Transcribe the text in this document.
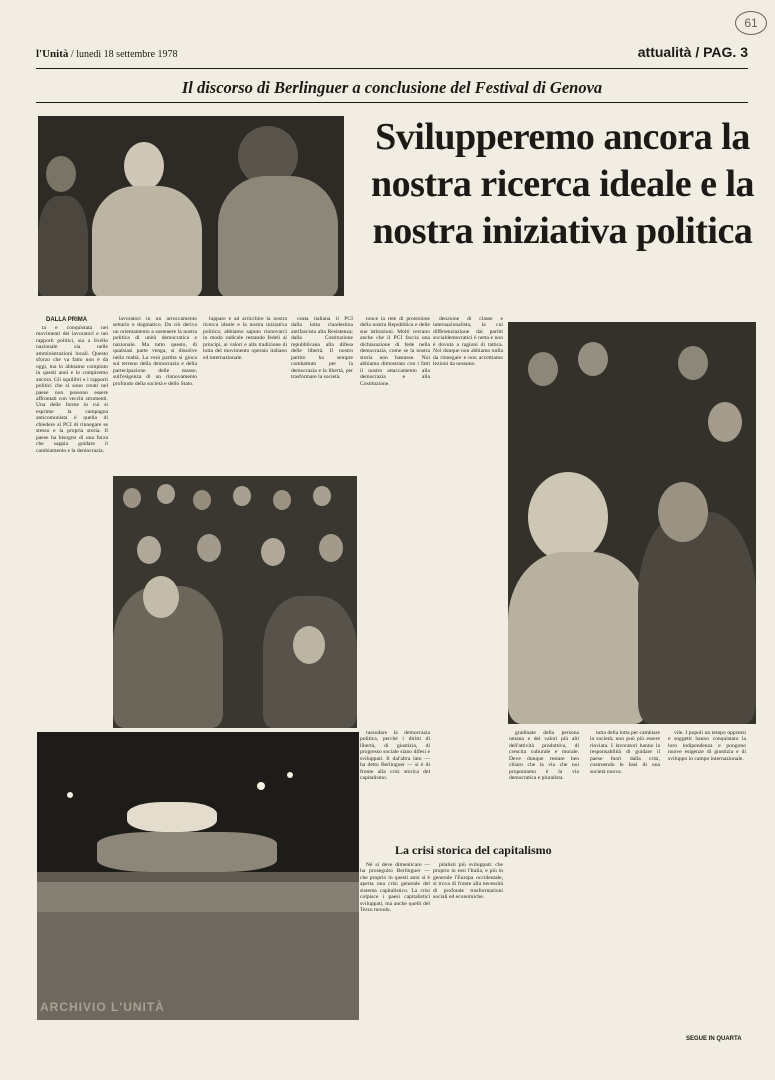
l'Unità / lunedì 18 settembre 1978	attualità / PAG. 3
61
Il discorso di Berlinguer a conclusione del Festival di Genova
Svilupperemo ancora la nostra ricerca ideale e la nostra iniziativa politica
DALLA PRIMA

ta e conquistata nei movimenti dei lavoratori e nei rapporti politici, sia a livello nazionale sia nelle amministrazioni locali. Questo sforzo che va fatto non è da oggi, ma lo abbiamo compiuto in questi anni e lo compiremo ancora. Gli squilibri e i rapporti politici che si sono creati nel paese non possono essere affrontati con vecchi strumenti. Una delle forme in cui si esprime la campagna anticomunista è quella di chiedere al PCI di rinnegare se stesso e la propria storia. Il paese ha bisogno di una forza che sappia guidare il cambiamento e la democrazia.

lavoratori in un arroccamento settario e dogmatico. Da ciò deriva un orientamento a sostenere la nostra politica di unità democratica e nazionale. Ma tutto questo, di qualsiasi parte venga, si dissolve nella realtà. La vera partita si gioca sul terreno della democrazia e della partecipazione delle masse, sull'esigenza di un rinnovamento profondo della società e dello Stato.

luppare e ad arricchire la nostra ricerca ideale e la nostra iniziativa politica; abbiamo saputo rinnovarci in modo radicale restando fedeli ai principi, ai valori e alla tradizione di lotta del movimento operaio italiano ed internazionale.

ceata italiana il PCI dalla lotta clandestina antifascista alla Resistenza; dalla Costituzione repubblicana alla difesa delle libertà. Il nostro partito ha sempre combattuto per la democrazia e la libertà, per trasformare la società.

tonce la rete di protezione della nostra Repubblica e delle sue istituzioni. Molti cercano anche che il PCI faccia una dichiarazione di fede nella democrazia, come se la nostra storia non bastasse. Noi abbiamo dimostrato con i fatti il nostro attaccamento alla democrazia e alla Costituzione.

denzione di classe e internazionalista, la cui differenziazione dai partiti socialdemocratici è netta e non è dovuta a ragioni di tattica. Noi dunque non abbiamo nulla da rinnegare e non accettiamo lezioni da nessuno.

ARCHIVIO L'UNITÀ

rassodare la democrazia politica, perché i diritti di libertà, di giustizia, di progresso sociale siano difesi e sviluppati. Il dal'altra lato — ha detto Berlinguer — si è di fronte alla crisi storica del capitalismo.

gradinate della persona umana e dei valori più alti dell'attività produttiva, di crescita culturale e morale. Deve dunque restare ben chiaro che la via che noi proponiamo è la via democratica e pluralista.

tutta della lotta per cambiare la società; non può più essere rinviata. I lavoratori hanno la responsabilità di guidare il paese fuori dalla crisi, costruendo le basi di una società nuova.

La crisi storica del capitalismo

Né si deve dimenticare — ha proseguito Berlinguer — che proprio in questi anni si è aperta una crisi generale del sistema capitalistico. La crisi colpisce i paesi capitalistici sviluppati, ma anche quelli del Terzo mondo.

pitalisti più sviluppati: che proprio in essi l'Italia, e più in generale l'Europa occidentale, si trova di fronte alla necessità di profonde trasformazioni sociali ed economiche.

vile. I popoli un tempo oppressi e soggetti hanno conquistato la loro indipendenza e pongono nuove esigenze di giustizia e di sviluppo in campo internazionale.

SEGUE IN QUARTA
